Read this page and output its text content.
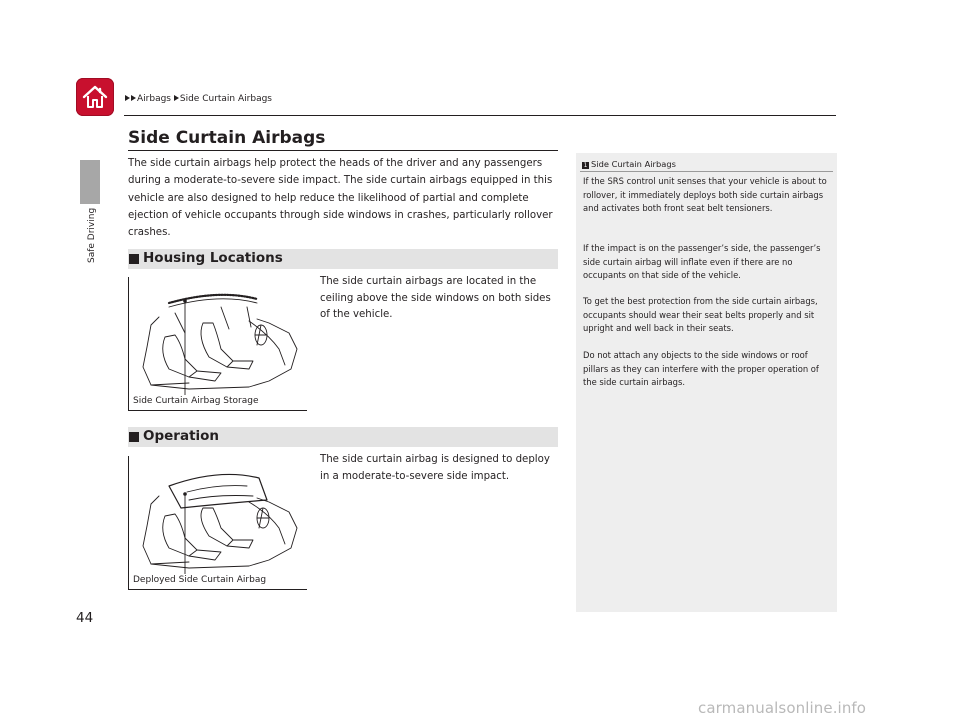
Airbags Side Curtain Airbags
Safe Driving
Side Curtain Airbags

The side curtain airbags help protect the heads of the driver and any passengers during a moderate-to-severe side impact. The side curtain airbags equipped in this vehicle are also designed to help reduce the likelihood of partial and complete ejection of vehicle occupants through side windows in crashes, particularly rollover crashes.

Housing Locations

The side curtain airbags are located in the ceiling above the side windows on both sides of the vehicle.

Side Curtain Airbag Storage
Operation

The side curtain airbag is designed to deploy in a moderate-to-severe side impact.

Deployed Side Curtain Airbag
1 Side Curtain Airbags

If the SRS control unit senses that your vehicle is about to rollover, it immediately deploys both side curtain airbags and activates both front seat belt tensioners.

If the impact is on the passenger’s side, the passenger’s side curtain airbag will inflate even if there are no occupants on that side of the vehicle.

To get the best protection from the side curtain airbags, occupants should wear their seat belts properly and sit upright and well back in their seats.

Do not attach any objects to the side windows or roof pillars as they can interfere with the proper operation of the side curtain airbags.

44
carmanualsonline.info
